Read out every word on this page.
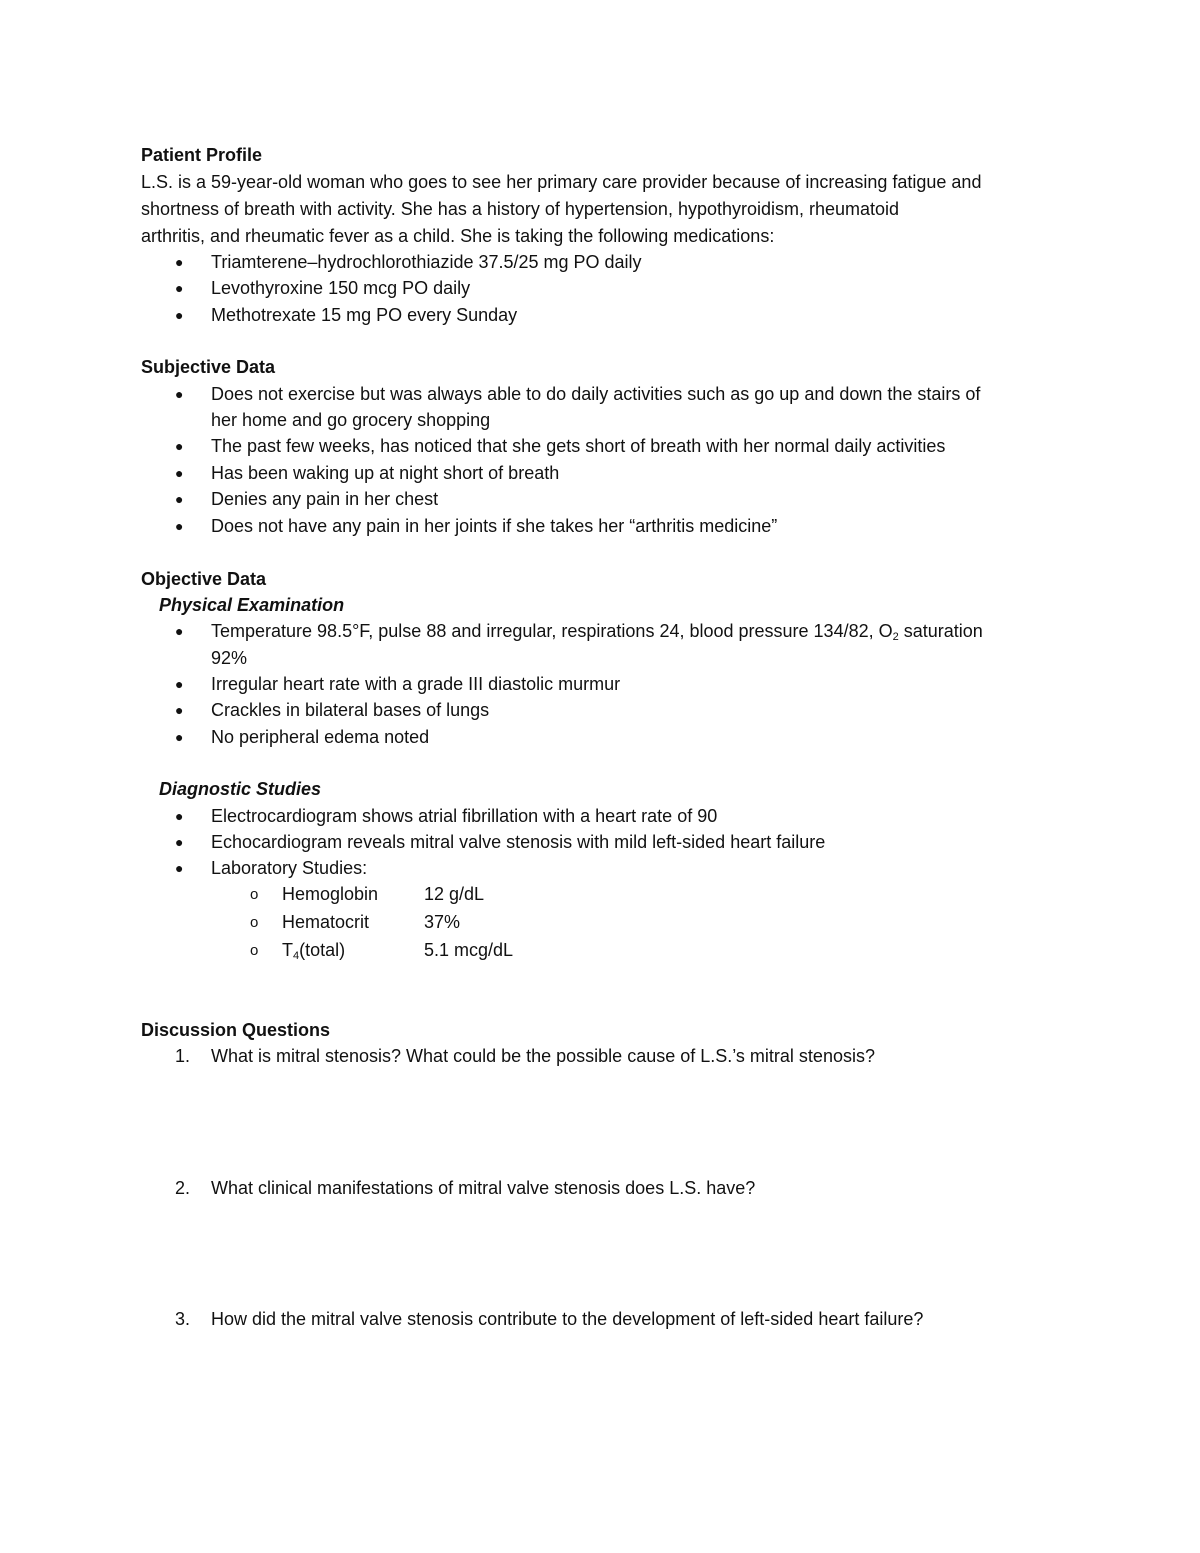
Patient Profile
L.S. is a 59-year-old woman who goes to see her primary care provider because of increasing fatigue and
shortness of breath with activity. She has a history of hypertension, hypothyroidism, rheumatoid
arthritis, and rheumatic fever as a child. She is taking the following medications:
● Triamterene–hydrochlorothiazide 37.5/25 mg PO daily
● Levothyroxine 150 mcg PO daily
● Methotrexate 15 mg PO every Sunday
Subjective Data
● Does not exercise but was always able to do daily activities such as go up and down the stairs of
her home and go grocery shopping
● The past few weeks, has noticed that she gets short of breath with her normal daily activities
● Has been waking up at night short of breath
● Denies any pain in her chest
● Does not have any pain in her joints if she takes her “arthritis medicine”
Objective Data
Physical Examination
● Temperature 98.5°F, pulse 88 and irregular, respirations 24, blood pressure 134/82, $O_2$ saturation
92%
● Irregular heart rate with a grade III diastolic murmur
● Crackles in bilateral bases of lungs
● No peripheral edema noted
Diagnostic Studies
● Electrocardiogram shows atrial fibrillation with a heart rate of 90
● Echocardiogram reveals mitral valve stenosis with mild left-sided heart failure
● Laboratory Studies:
o Hemoglobin	12 g/dL
o Hematocrit	37%
o $T_4(total)$	5.1 mcg/dL
Discussion Questions
1. What is mitral stenosis? What could be the possible cause of L.S.’s mitral stenosis?
2. What clinical manifestations of mitral valve stenosis does L.S. have?
3. How did the mitral valve stenosis contribute to the development of left-sided heart failure?
